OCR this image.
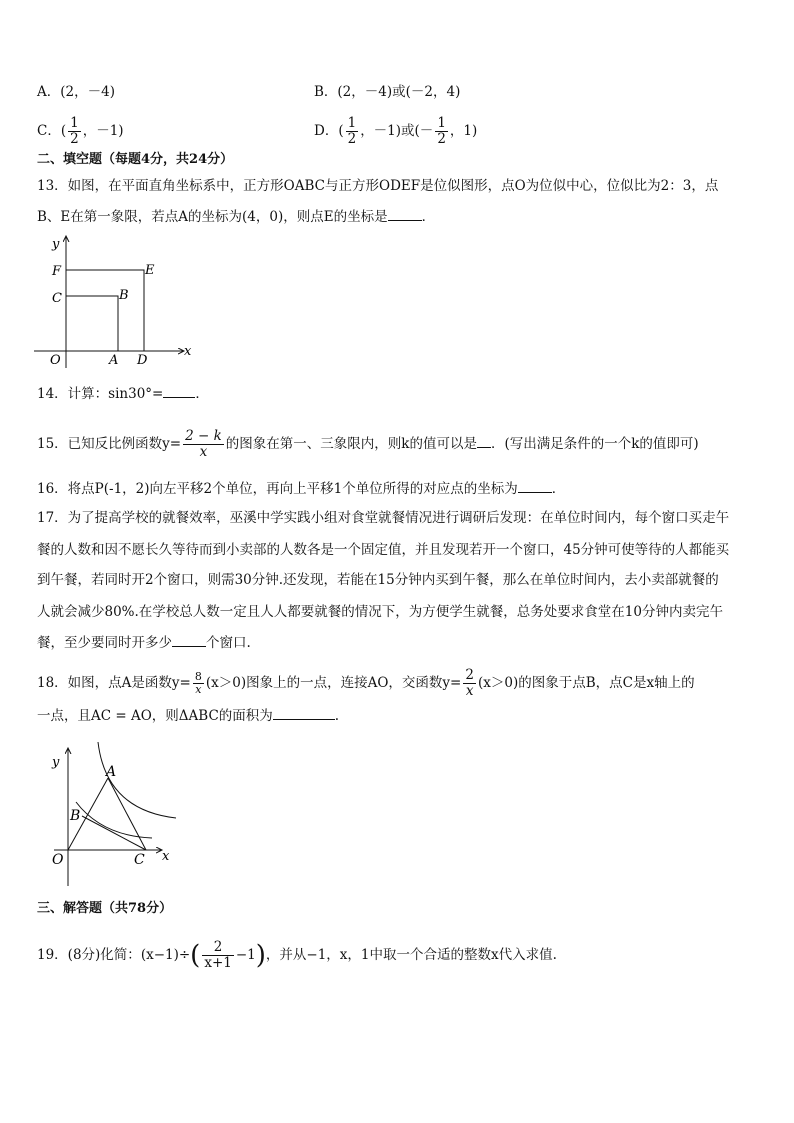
A．(2，－4)	B．(2，－4)或(－2，4)
C．( $\frac{1}{2}$ ，－1)	D．( $\frac{1}{2}$ ，－1)或(－ $\frac{1}{2}$ ，1)
二、填空题（每题4分，共24分）
13．如图，在平面直角坐标系中，正方形OABC与正方形ODEF是位似图形，点O为位似中心，位似比为2：3，点
B、E在第一象限，若点A的坐标为(4，0)，则点E的坐标是	．
y
x
O	A D
C	B
F	E
14．计算：sin30°= ．
15．已知反比例函数$y= \frac{2 - k}{x}$ 的图象在第一、三象限内，则k的值可以是 ．(写出满足条件的一个k的值即可)
16．将点P(-1，2)向左平移2个单位，再向上平移1个单位所得的对应点的坐标为	．
17．为了提高学校的就餐效率，巫溪中学实践小组对食堂就餐情况进行调研后发现：在单位时间内，每个窗口买走午
餐的人数和因不愿长久等待而到小卖部的人数各是一个固定值，并且发现若开一个窗口，45分钟可使等待的人都能买
到午餐，若同时开2个窗口，则需30分钟.还发现，若能在15分钟内买到午餐，那么在单位时间内，去小卖部就餐的
人就会减少80%.在学校总人数一定且人人都要就餐的情况下，为方便学生就餐，总务处要求食堂在10分钟内卖完午
餐，至少要同时开多少	个窗口.
18．如图，点A是函数$y= \frac{8}{x} (x>0)$图象上的一点，连接AO，交函数$y= \frac{2}{x} (x>0)$的图象于点B，点C是x轴上的
一点，且AC = AO，则ΔABC的面积为	.
y
x
O
A
B
C
三、解答题（共78分）
19．(8分)化简：$(x-1)\div( \frac{2}{x+1} -1)$，并从−1，x，1中取一个合适的整数x代入求值.
